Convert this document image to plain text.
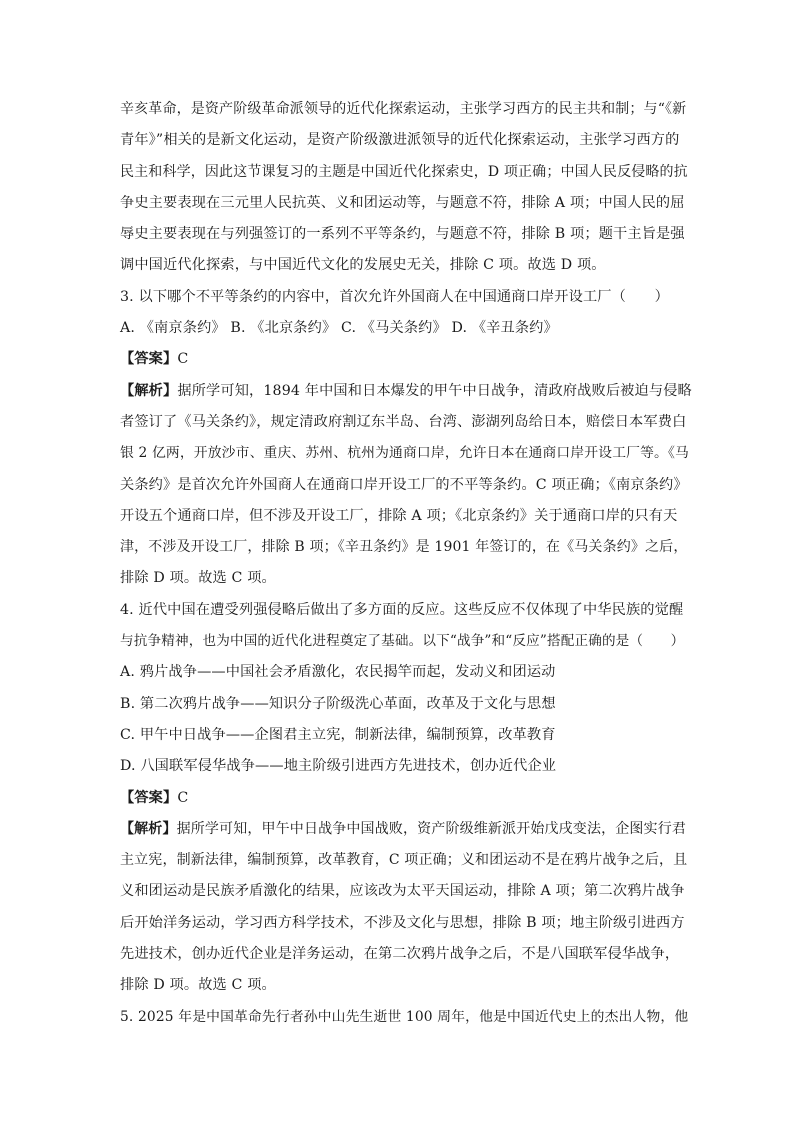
辛亥革命，是资产阶级革命派领导的近代化探索运动，主张学习西方的民主共和制；与“《新
青年》”相关的是新文化运动，是资产阶级激进派领导的近代化探索运动，主张学习西方的
民主和科学，因此这节课复习的主题是中国近代化探索史，D 项正确；中国人民反侵略的抗
争史主要表现在三元里人民抗英、义和团运动等，与题意不符，排除 A 项；中国人民的屈
辱史主要表现在与列强签订的一系列不平等条约，与题意不符，排除 B 项；题干主旨是强
调中国近代化探索，与中国近代文化的发展史无关，排除 C 项。故选 D 项。
3. 以下哪个不平等条约的内容中，首次允许外国商人在中国通商口岸开设工厂（　　）
A. 《南京条约》 B. 《北京条约》 C. 《马关条约》 D. 《辛丑条约》
【答案】C
【解析】据所学可知，1894 年中国和日本爆发的甲午中日战争，清政府战败后被迫与侵略
者签订了《马关条约》，规定清政府割辽东半岛、台湾、澎湖列岛给日本，赔偿日本军费白
银 2 亿两，开放沙市、重庆、苏州、杭州为通商口岸，允许日本在通商口岸开设工厂等。《马
关条约》是首次允许外国商人在通商口岸开设工厂的不平等条约。C 项正确；《南京条约》
开设五个通商口岸，但不涉及开设工厂，排除 A 项；《北京条约》关于通商口岸的只有天
津，不涉及开设工厂，排除 B 项；《辛丑条约》是 1901 年签订的，在《马关条约》之后，
排除 D 项。故选 C 项。
4. 近代中国在遭受列强侵略后做出了多方面的反应。这些反应不仅体现了中华民族的觉醒
与抗争精神，也为中国的近代化进程奠定了基础。以下“战争”和“反应”搭配正确的是（　　）
A. 鸦片战争——中国社会矛盾激化，农民揭竿而起，发动义和团运动
B. 第二次鸦片战争——知识分子阶级洗心革面，改革及于文化与思想
C. 甲午中日战争——企图君主立宪，制新法律，编制预算，改革教育
D. 八国联军侵华战争——地主阶级引进西方先进技术，创办近代企业
【答案】C
【解析】据所学可知，甲午中日战争中国战败，资产阶级维新派开始戊戌变法，企图实行君
主立宪，制新法律，编制预算，改革教育，C 项正确；义和团运动不是在鸦片战争之后，且
义和团运动是民族矛盾激化的结果，应该改为太平天国运动，排除 A 项；第二次鸦片战争
后开始洋务运动，学习西方科学技术，不涉及文化与思想，排除 B 项；地主阶级引进西方
先进技术，创办近代企业是洋务运动，在第二次鸦片战争之后，不是八国联军侵华战争，
排除 D 项。故选 C 项。
5. 2025 年是中国革命先行者孙中山先生逝世 100 周年，他是中国近代史上的杰出人物，他
